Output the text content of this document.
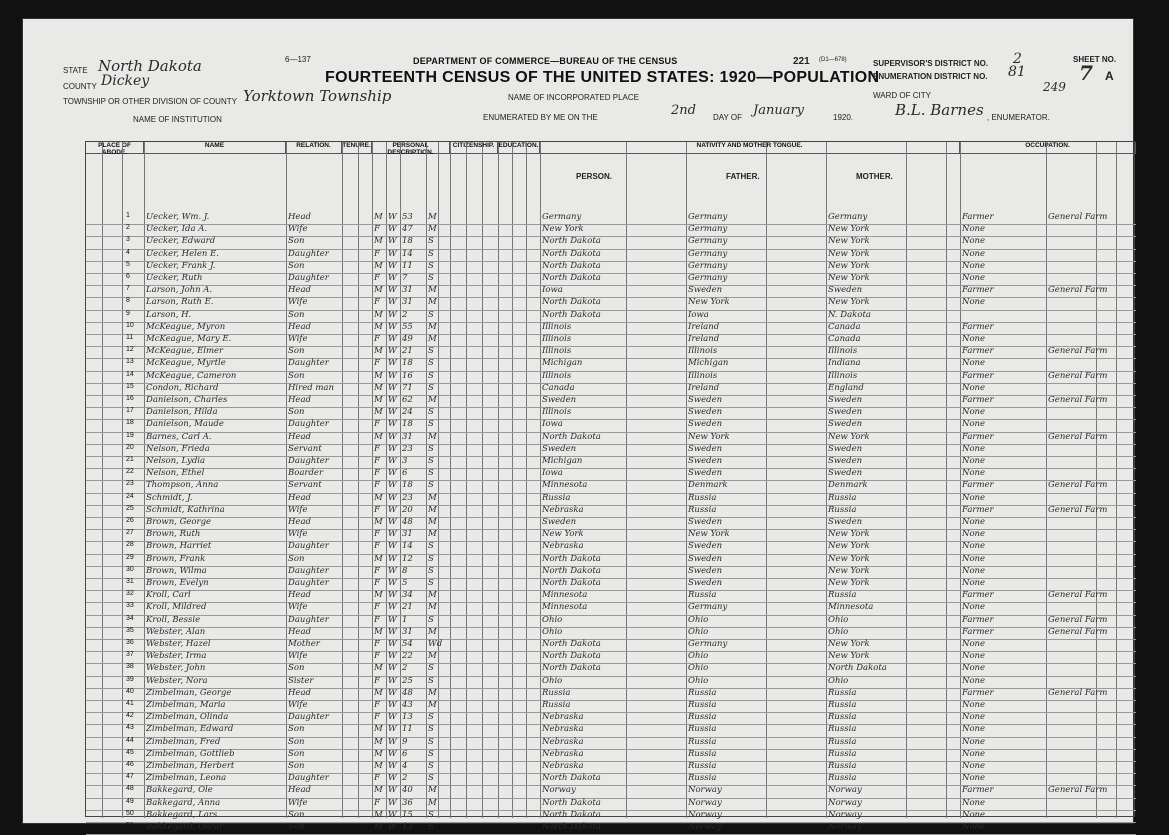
STATE North Dakota
COUNTY Dickey
TOWNSHIP OR OTHER DIVISION OF COUNTY Yorktown Township
NAME OF INSTITUTION
6—137	DEPARTMENT OF COMMERCE—BUREAU OF THE CENSUS
FOURTEENTH CENSUS OF THE UNITED STATES: 1920—POPULATION
221 (D1—678)
NAME OF INCORPORATED PLACE
ENUMERATED BY ME ON THE	2nd DAY OF January	1920.	B.L. Barnes , ENUMERATOR.
WARD OF CITY
SUPERVISOR'S DISTRICT NO. 2
ENUMERATION DISTRICT NO. 81
249
SHEET NO.
7 A
PLACE OF ABODE.
NAME	RELATION.	TENURE.	PERSONAL DESCRIPTION.
CITIZENSHIP. EDUCATION.	NATIVITY AND MOTHER TONGUE.	OCCUPATION.
PERSON.	FATHER.	MOTHER.
1 Uecker, Wm. J.	Head	M W 53	M	Germany	Germany	Germany	Farmer	General Farm
2 Uecker, Ida A.	Wife	F W 47	M	New York	Germany	New York	None
3 Uecker, Edward	Son	M W 18	S	North Dakota	Germany	New York	None
4 Uecker, Helen E.	Daughter	F W 14	S	North Dakota	Germany	New York	None
5 Uecker, Frank J.	Son	M W 11	S	North Dakota	Germany	New York	None
6 Uecker, Ruth	Daughter	F W 7	S	North Dakota	Germany	New York	None
7 Larson, John A.	Head	M W 31	M	Iowa	Sweden	Sweden	Farmer	General Farm
8 Larson, Ruth E.	Wife	F W 31	M	North Dakota	New York	New York	None
9 Larson, H.	Son	M W 2	S	North Dakota	Iowa	N. Dakota
10 McKeague, Myron	Head	M W 55	M	Illinois	Ireland	Canada	Farmer
11 McKeague, Mary E.	Wife	F W 49	M	Illinois	Ireland	Canada	None
12 McKeague, Elmer	Son	M W 21	S	Illinois	Illinois	Illinois	Farmer	General Farm
13 McKeague, Myrtle	Daughter	F W 18	S	Michigan	Michigan	Indiana	None
14 McKeague, Cameron	Son	M W 16	S	Illinois	Illinois	Illinois	Farmer	General Farm
15 Condon, Richard	Hired man	M W 71	S	Canada	Ireland	England	None
16 Danielson, Charles	Head	M W 62	M	Sweden	Sweden	Sweden	Farmer	General Farm
17 Danielson, Hilda	Son	M W 24	S	Illinois	Sweden	Sweden	None
18 Danielson, Maude	Daughter	F W 18	S	Iowa	Sweden	Sweden	None
19 Barnes, Carl A.	Head	M W 31	M	North Dakota	New York	New York	Farmer	General Farm
20 Nelson, Frieda	Servant	F W 23	S	Sweden	Sweden	Sweden	None
21 Nelson, Lydia	Daughter	F W 3	S	Michigan	Sweden	Sweden	None
22 Nelson, Ethel	Boarder	F W 6	S	Iowa	Sweden	Sweden	None
23 Thompson, Anna	Servant	F W 18	S	Minnesota	Denmark	Denmark	Farmer	General Farm
24 Schmidt, J.	Head	M W 23	M	Russia	Russia	Russia	None
25 Schmidt, Kathrina	Wife	F W 20	M	Nebraska	Russia	Russia	Farmer	General Farm
26 Brown, George	Head	M W 48	M	Sweden	Sweden	Sweden	None
27 Brown, Ruth	Wife	F W 31	M	New York	New York	New York	None
28 Brown, Harriet	Daughter	F W 14	S	Nebraska	Sweden	New York	None
29 Brown, Frank	Son	M W 12	S	North Dakota	Sweden	New York	None
30 Brown, Wilma	Daughter	F W 8	S	North Dakota	Sweden	New York	None
31 Brown, Evelyn	Daughter	F W 5	S	North Dakota	Sweden	New York	None
32 Kroll, Carl	Head	M W 34	M	Minnesota	Russia	Russia	Farmer	General Farm
33 Kroll, Mildred	Wife	F W 21	M	Minnesota	Germany	Minnesota	None
34 Kroll, Bessie	Daughter	F W 1	S	Ohio	Ohio	Ohio	Farmer	General Farm
35 Webster, Alan	Head	M W 31	M	Ohio	Ohio	Ohio	Farmer	General Farm
36 Webster, Hazel	Mother	F W 54	Wd	North Dakota	Germany	New York	None
37 Webster, Irma	Wife	F W 22	M	North Dakota	Ohio	New York	None
38 Webster, John	Son	M W 2	S	North Dakota	Ohio	North Dakota	None
39 Webster, Nora	Sister	F W 25	S	Ohio	Ohio	Ohio	None
40 Zimbelman, George	Head	M W 48	M	Russia	Russia	Russia	Farmer	General Farm
41 Zimbelman, Maria	Wife	F W 43	M	Russia	Russia	Russia	None
42 Zimbelman, Olinda	Daughter	F W 13	S	Nebraska	Russia	Russia	None
43 Zimbelman, Edward	Son	M W 11	S	Nebraska	Russia	Russia	None
44 Zimbelman, Fred	Son	M W 9	S	Nebraska	Russia	Russia	None
45 Zimbelman, Gottlieb	Son	M W 6	S	Nebraska	Russia	Russia	None
46 Zimbelman, Herbert	Son	M W 4	S	Nebraska	Russia	Russia	None
47 Zimbelman, Leona	Daughter	F W 2	S	North Dakota	Russia	Russia	None
48 Bakkegard, Ole	Head	M W 40	M	Norway	Norway	Norway	Farmer	General Farm
49 Bakkegard, Anna	Wife	F W 36	M	North Dakota	Norway	Norway	None
50 Bakkegard, Lars	Son	M W 15	S	North Dakota	Norway	Norway	None
51 Bakkegard, Oscar	Son	M W 13	S	North Dakota	Norway	Norway	None
